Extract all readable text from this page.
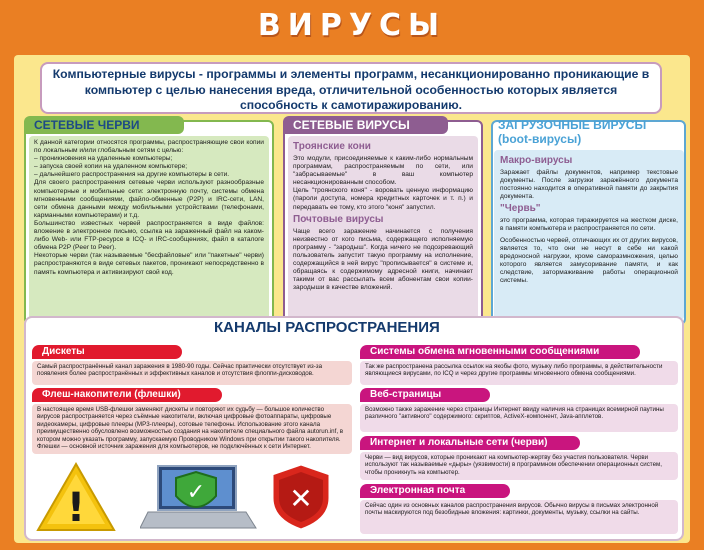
ВИРУСЫ
Компьютерные вирусы - программы и элементы программ, несанкционированно проникающие в компьютер с целью нанесения вреда, отличительной особенностью которых является способность к самотиражированию.
СЕТЕВЫЕ ЧЕРВИ
К данной категории относятся программы, распространяющие свои копии по локальным и/или глобальным сетям с целью:
– проникновения на удаленные компьютеры;
– запуска своей копии на удаленном компьютере;
– дальнейшего распространения на другие компьютеры в сети.
Для своего распространения сетевые черви используют разнообразные компьютерные и мобильные сети: электронную почту, системы обмена мгновенными сообщениями, файло-обменные (P2P) и IRC-сети, LAN, сети обмена данными между мобильными устройствами (телефонами, карманными компьютерами) и т.д.
Большинство известных червей распространяется в виде файлов: вложение в электронное письмо, ссылка на зараженный файл на каком-либо Web- или FTP-ресурсе в ICQ- и IRC-сообщениях, файл в каталоге обмена P2P (Peer to Peer).
Некоторые черви (так называемые "бесфайловые" или "пакетные" черви) распространяются в виде сетевых пакетов, проникают непосредственно в память компьютера и активизируют свой код.
СЕТЕВЫЕ ВИРУСЫ
Троянские кони
Это модули, присоединяемые к каким-либо нормальным программам, распространяемым по сети, или "забрасываемые" в ваш компьютер несанкционированным способом.
Цель "троянского коня" - воровать ценную информацию (пароли доступа, номера кредитных карточек и т. п.) и передавать ее тому, кто этого "коня" запустил.
Почтовые вирусы
Чаще всего заражение начинается с получения неизвестно от кого письма, содержащего исполняемую программу - "зародыш". Когда ничего не подозревающий пользователь запустит такую программу на исполнение, содержащийся в ней вирус "прописывается" в системе и, обращаясь к содержимому адресной книги, начинает такими от вас рассылать всем абонентам свои копии-зародыши в качестве вложений.
ЗАГРУЗОЧНЫЕ ВИРУСЫ
(boot-вирусы)
Макро-вирусы
Заражает файлы документов, например текстовые документы. После загрузки заражённого документа постоянно находится в оперативной памяти до закрытия документа.
"Червь"
это программа, которая тиражируется на жестком диске, в памяти компьютера и распространяется по сети.
Особенностью червей, отличающих их от других вирусов, является то, что они не несут в себе ни какой вредоносной нагрузки, кроме саморазмножения, целью которого является замусоривание памяти, и как следствие, затормаживание работы операционной системы.
КАНАЛЫ РАСПРОСТРАНЕНИЯ
Дискеты
Самый распространённый канал заражения в 1980-90 годы. Сейчас практически отсутствует из-за появления более распространённых и эффективных каналов и отсутствия флоппи-дисководов.
Флеш-накопители (флешки)
В настоящее время USB-флешки заменяют дискеты и повторяют их судьбу — большое количество вирусов распространяется через съёмные накопители, включая цифровые фотоаппараты, цифровые видеокамеры, цифровые плееры (MP3-плееры), сотовые телефоны. Использование этого канала преимущественно обусловлено возможностью создания на накопителе специального файла autorun.inf, в котором можно указать программу, запускаемую Проводником Windows при открытии такого накопителя. Флешки — основной источник заражения для компьютеров, не подключённых к сети Интернет.
Системы обмена мгновенными сообщениями
Так же распространена рассылка ссылок на якобы фото, музыку либо программы, в действительности являющиеся вирусами, по ICQ и через другие программы мгновенного обмена сообщениями.
Веб-страницы
Возможно также заражение через страницы Интернет ввиду наличия на страницах всемирной паутины различного "активного" содержимого: скриптов, ActiveX-компонент, Java-апплетов.
Интернет и локальные сети (черви)
Черви — вид вирусов, которые проникают на компьютер-жертву без участия пользователя. Черви используют так называемые «дыры» (уязвимости) в программном обеспечении операционных систем, чтобы проникнуть на компьютер.
Электронная почта
Сейчас один из основных каналов распространения вирусов. Обычно вирусы в письмах электронной почты маскируются под безобидные вложения: картинки, документы, музыку, ссылки на сайты.
!	✓	✕
